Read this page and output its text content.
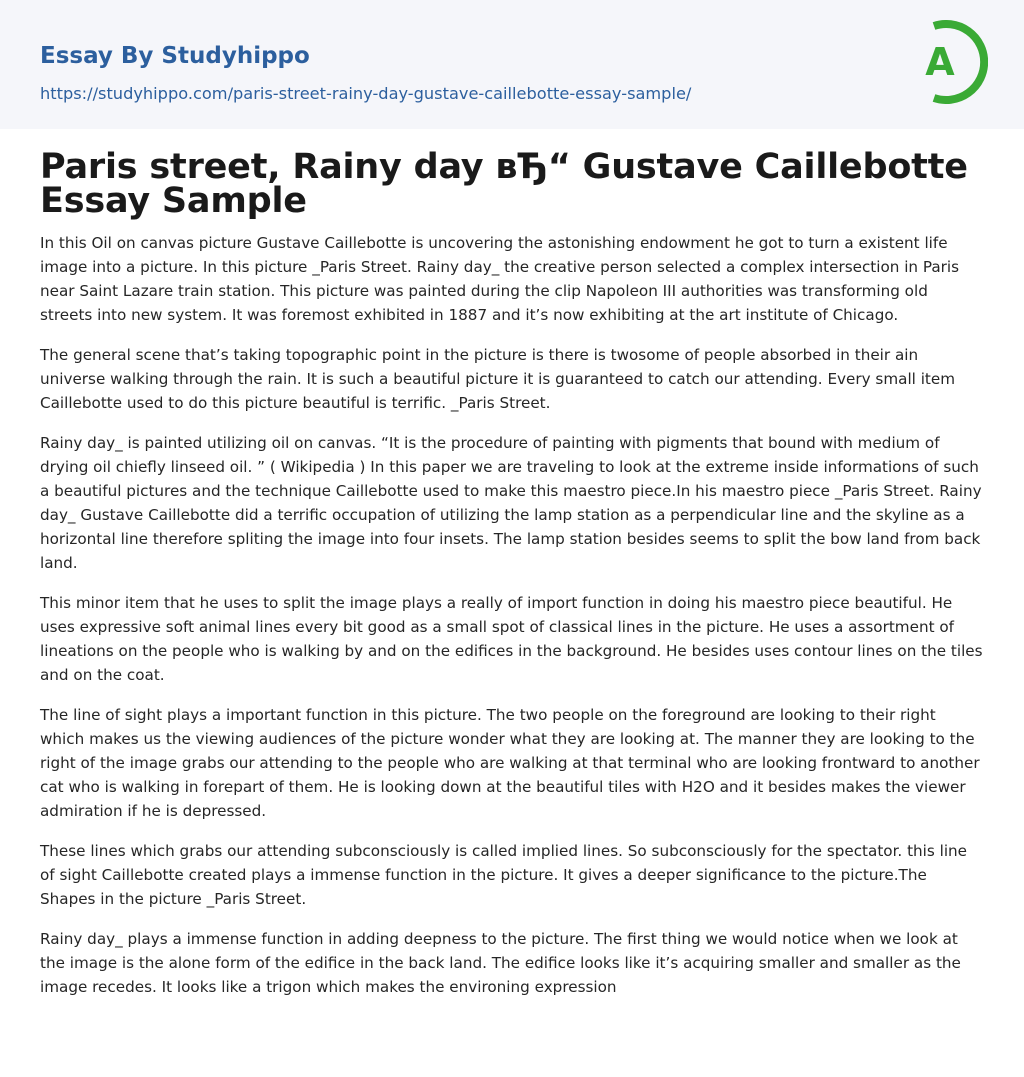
Essay By Studyhippo
https://studyhippo.com/paris-street-rainy-day-gustave-caillebotte-essay-sample/
A
Paris street, Rainy day вЂ“ Gustave Caillebotte Essay Sample

In this Oil on canvas picture Gustave Caillebotte is uncovering the astonishing endowment he got to turn a existent life image into a picture. In this picture _Paris Street. Rainy day_ the creative person selected a complex intersection in Paris near Saint Lazare train station. This picture was painted during the clip Napoleon III authorities was transforming old streets into new system. It was foremost exhibited in 1887 and it’s now exhibiting at the art institute of Chicago.

The general scene that’s taking topographic point in the picture is there is twosome of people absorbed in their ain universe walking through the rain. It is such a beautiful picture it is guaranteed to catch our attending. Every small item Caillebotte used to do this picture beautiful is terrific. _Paris Street.

Rainy day_ is painted utilizing oil on canvas. “It is the procedure of painting with pigments that bound with medium of drying oil chiefly linseed oil. ” ( Wikipedia ) In this paper we are traveling to look at the extreme inside informations of such a beautiful pictures and the technique Caillebotte used to make this maestro piece.In his maestro piece _Paris Street. Rainy day_ Gustave Caillebotte did a terrific occupation of utilizing the lamp station as a perpendicular line and the skyline as a horizontal line therefore spliting the image into four insets. The lamp station besides seems to split the bow land from back land.

This minor item that he uses to split the image plays a really of import function in doing his maestro piece beautiful. He uses expressive soft animal lines every bit good as a small spot of classical lines in the picture. He uses a assortment of lineations on the people who is walking by and on the edifices in the background. He besides uses contour lines on the tiles and on the coat.

The line of sight plays a important function in this picture. The two people on the foreground are looking to their right which makes us the viewing audiences of the picture wonder what they are looking at. The manner they are looking to the right of the image grabs our attending to the people who are walking at that terminal who are looking frontward to another cat who is walking in forepart of them. He is looking down at the beautiful tiles with H2O and it besides makes the viewer admiration if he is depressed.

These lines which grabs our attending subconsciously is called implied lines. So subconsciously for the spectator. this line of sight Caillebotte created plays a immense function in the picture. It gives a deeper significance to the picture.The Shapes in the picture _Paris Street.

Rainy day_ plays a immense function in adding deepness to the picture. The first thing we would notice when we look at the image is the alone form of the edifice in the back land. The edifice looks like it’s acquiring smaller and smaller as the image recedes. It looks like a trigon which makes the environing expression
